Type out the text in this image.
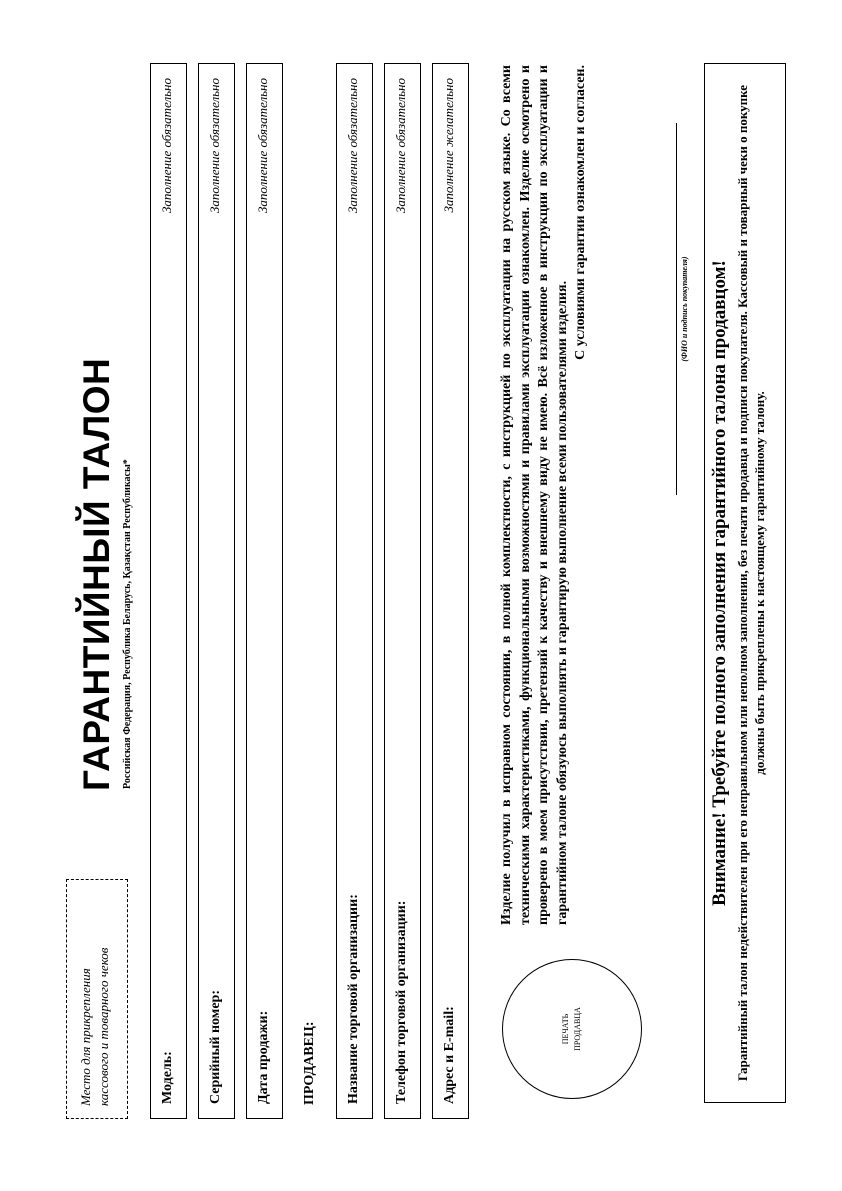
Место для прикрепления кассового и товарного чеков
ГАРАНТИЙНЫЙ ТАЛОН Российская Федерация, Республика Беларусь, Қазақстан Республикасы*
Модель:
Заполнение обязательно
Серийный номер:
Заполнение обязательно
Дата продажи:
Заполнение обязательно
ПРОДАВЕЦ: Название торговой организации:
Заполнение обязательно
Телефон торговой организации:
Заполнение обязательно
Адрес и E-mail:
Заполнение желательно
ПЕЧАТЬ ПРОДАВЦА
Изделие получил в исправном состоянии, в полной комплектности, с инструкцией по эксплуатации на русском языке. Со всеми техническими характеристиками, функциональными возможностями и правилами эксплуатации ознакомлен. Изделие осмотрено и проверено в моем присутствии, претензий к качеству и внешнему виду не имею. Всё изложенное в инструкции по эксплуатации и гарантийном талоне обязуюсь выполнять и гарантирую выполнение всеми пользователями изделия.
С условиями гарантии ознакомлен и согласен.	(ФИО и подпись покупателя) Внимание! Требуйте полного заполнения гарантийного талона продавцом! Гарантийный талон недействителен при его неправильном или неполном заполнении, без печати продавца и подписи покупателя. Кассовый и товарный чеки о покупке должны быть прикреплены к настоящему гарантийному талону.
